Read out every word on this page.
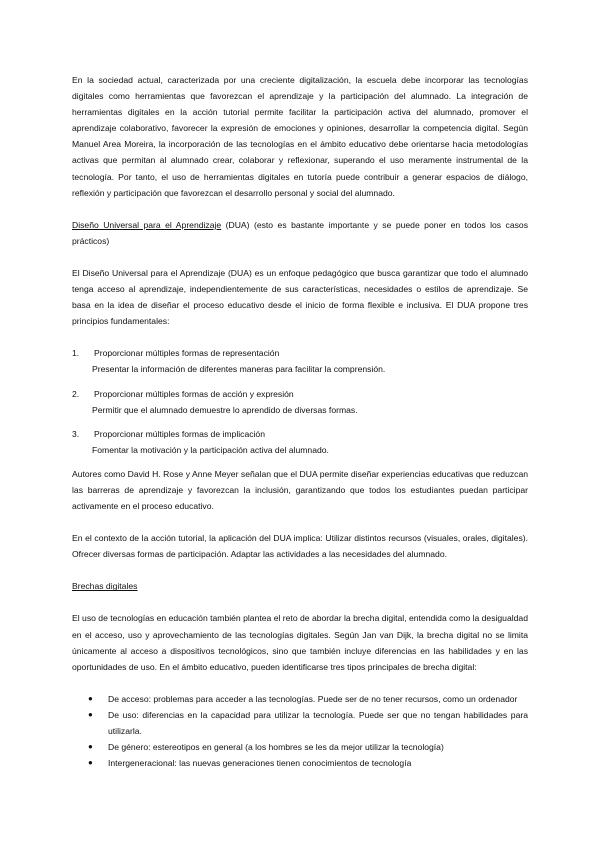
En la sociedad actual, caracterizada por una creciente digitalización, la escuela debe incorporar las tecnologías digitales como herramientas que favorezcan el aprendizaje y la participación del alumnado. La integración de herramientas digitales en la acción tutorial permite facilitar la participación activa del alumnado, promover el aprendizaje colaborativo, favorecer la expresión de emociones y opiniones, desarrollar la competencia digital. Según Manuel Area Moreira, la incorporación de las tecnologías en el ámbito educativo debe orientarse hacia metodologías activas que permitan al alumnado crear, colaborar y reflexionar, superando el uso meramente instrumental de la tecnología. Por tanto, el uso de herramientas digitales en tutoría puede contribuir a generar espacios de diálogo, reflexión y participación que favorezcan el desarrollo personal y social del alumnado.

Diseño Universal para el Aprendizaje (DUA) (esto es bastante importante y se puede poner en todos los casos prácticos)

El Diseño Universal para el Aprendizaje (DUA) es un enfoque pedagógico que busca garantizar que todo el alumnado tenga acceso al aprendizaje, independientemente de sus características, necesidades o estilos de aprendizaje. Se basa en la idea de diseñar el proceso educativo desde el inicio de forma flexible e inclusiva. El DUA propone tres principios fundamentales:

1. Proporcionar múltiples formas de representación
Presentar la información de diferentes maneras para facilitar la comprensión.
2. Proporcionar múltiples formas de acción y expresión
Permitir que el alumnado demuestre lo aprendido de diversas formas.
3. Proporcionar múltiples formas de implicación
Fomentar la motivación y la participación activa del alumnado.

Autores como David H. Rose y Anne Meyer señalan que el DUA permite diseñar experiencias educativas que reduzcan las barreras de aprendizaje y favorezcan la inclusión, garantizando que todos los estudiantes puedan participar activamente en el proceso educativo.

En el contexto de la acción tutorial, la aplicación del DUA implica: Utilizar distintos recursos (visuales, orales, digitales). Ofrecer diversas formas de participación. Adaptar las actividades a las necesidades del alumnado.

Brechas digitales

El uso de tecnologías en educación también plantea el reto de abordar la brecha digital, entendida como la desigualdad en el acceso, uso y aprovechamiento de las tecnologías digitales. Según Jan van Dijk, la brecha digital no se limita únicamente al acceso a dispositivos tecnológicos, sino que también incluye diferencias en las habilidades y en las oportunidades de uso. En el ámbito educativo, pueden identificarse tres tipos principales de brecha digital:

● De acceso: problemas para acceder a las tecnologías. Puede ser de no tener recursos, como un ordenador
● De uso: diferencias en la capacidad para utilizar la tecnología. Puede ser que no tengan habilidades para utilizarla.
● De género: estereotipos en general (a los hombres se les da mejor utilizar la tecnología)
● Intergeneracional: las nuevas generaciones tienen conocimientos de tecnología
